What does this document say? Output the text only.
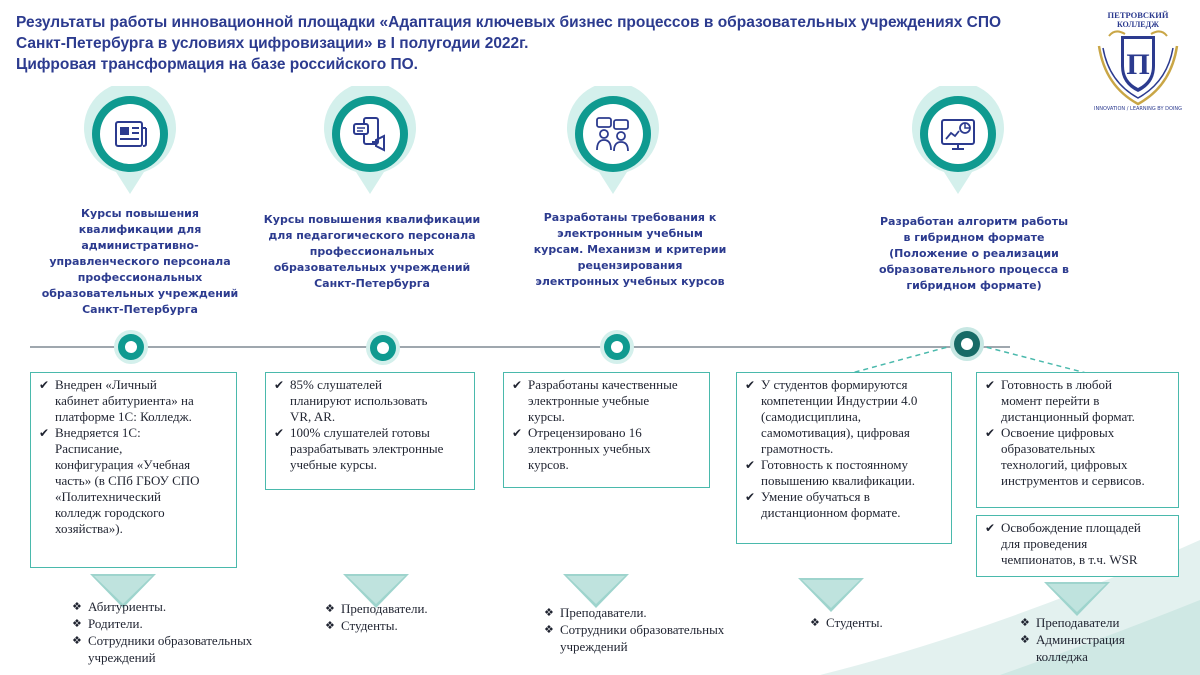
Результаты работы инновационной площадки «Адаптация ключевых бизнес процессов в образовательных учреждениях СПО
Санкт-Петербурга в условиях цифровизации» в I полугодии 2022г.
Цифровая трансформация на базе российского ПО.
ПЕТРОВСКИЙ
КОЛЛЕДЖ
П
INNOVATION / LEARNING BY DOING
Курсы повышения
квалификации для
административно-
управленческого персонала
профессиональных
образовательных учреждений
Санкт-Петербурга
Курсы повышения квалификации
для педагогического персонала
профессиональных
образовательных учреждений
Санкт-Петербурга
Разработаны требования к
электронным учебным
курсам. Механизм и критерии
рецензирования
электронных учебных курсов
Разработан алгоритм работы
в гибридном формате
(Положение о реализации
образовательного процесса в
гибридном формате)
✔ Внедрен «Личный
кабинет абитуриента» на
платформе 1С: Колледж.
✔ Внедряется 1С:
Расписание,
конфигурация «Учебная
часть» (в СПб ГБОУ СПО
«Политехнический
колледж городского
хозяйства»).
✔ 85% слушателей
планируют использовать
VR, AR.
✔ 100% слушателей готовы
разрабатывать электронные
учебные курсы.
✔ Разработаны качественные
электронные учебные
курсы.
✔ Отрецензировано 16
электронных учебных
курсов.
✔ У студентов формируются
компетенции Индустрии 4.0
(самодисциплина,
самомотивация), цифровая
грамотность.
✔ Готовность к постоянному
повышению квалификации.
✔ Умение обучаться в
дистанционном формате.
✔ Готовность в любой
момент перейти в
дистанционный формат.
✔ Освоение цифровых
образовательных
технологий, цифровых
инструментов и сервисов.
✔ Освобождение площадей
для проведения
чемпионатов, в т.ч. WSR
❖ Абитуриенты.
❖ Родители.
❖ Сотрудники образовательных
учреждений
❖ Преподаватели.
❖ Студенты.
❖ Преподаватели.
❖ Сотрудники образовательных
учреждений
❖ Студенты.	❖ Преподаватели
❖ Администрация
колледжа
